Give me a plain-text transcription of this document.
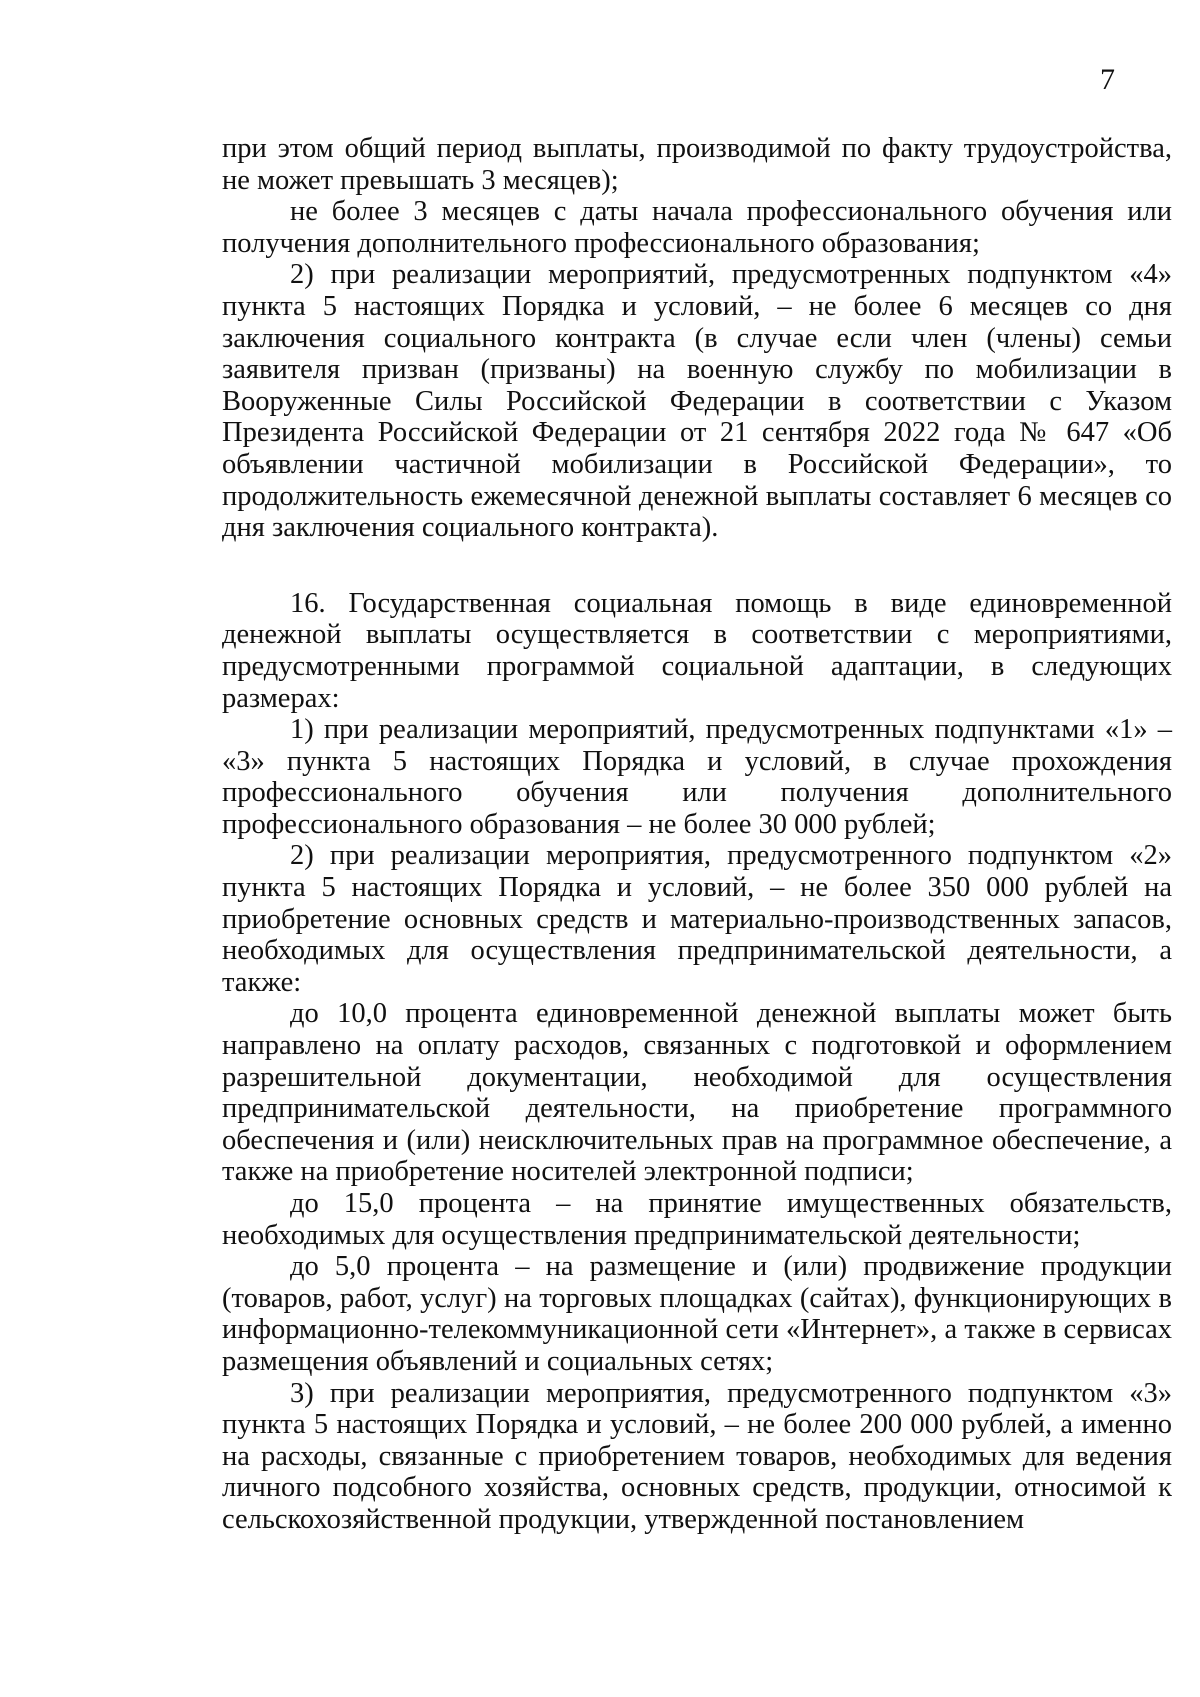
7

при этом общий период выплаты, производимой по факту трудоустройства, не может превышать 3 месяцев);

не более 3 месяцев с даты начала профессионального обучения или получения дополнительного профессионального образования;

2) при реализации мероприятий, предусмотренных подпунктом «4» пункта 5 настоящих Порядка и условий, – не более 6 месяцев со дня заключения социального контракта (в случае если член (члены) семьи заявителя призван (призваны) на военную службу по мобилизации в Вооруженные Силы Российской Федерации в соответствии с Указом Президента Российской Федерации от 21 сентября 2022 года № 647 «Об объявлении частичной мобилизации в Российской Федерации», то продолжительность ежемесячной денежной выплаты составляет 6 месяцев со дня заключения социального контракта).

16. Государственная социальная помощь в виде единовременной денежной выплаты осуществляется в соответствии с мероприятиями, предусмотренными программой социальной адаптации, в следующих размерах:

1) при реализации мероприятий, предусмотренных подпунктами «1» – «3» пункта 5 настоящих Порядка и условий, в случае прохождения профессионального обучения или получения дополнительного профессионального образования – не более 30 000 рублей;

2) при реализации мероприятия, предусмотренного подпунктом «2» пункта 5 настоящих Порядка и условий, – не более 350 000 рублей на приобретение основных средств и материально-производственных запасов, необходимых для осуществления предпринимательской деятельности, а также:

до 10,0 процента единовременной денежной выплаты может быть направлено на оплату расходов, связанных с подготовкой и оформлением разрешительной документации, необходимой для осуществления предпринимательской деятельности, на приобретение программного обеспечения и (или) неисключительных прав на программное обеспечение, а также на приобретение носителей электронной подписи;

до 15,0 процента – на принятие имущественных обязательств, необходимых для осуществления предпринимательской деятельности;

до 5,0 процента – на размещение и (или) продвижение продукции (товаров, работ, услуг) на торговых площадках (сайтах), функционирующих в информационно-телекоммуникационной сети «Интернет», а также в сервисах размещения объявлений и социальных сетях;

3) при реализации мероприятия, предусмотренного подпунктом «3» пункта 5 настоящих Порядка и условий, – не более 200 000 рублей, а именно на расходы, связанные с приобретением товаров, необходимых для ведения личного подсобного хозяйства, основных средств, продукции, относимой к сельскохозяйственной продукции, утвержденной постановлением
